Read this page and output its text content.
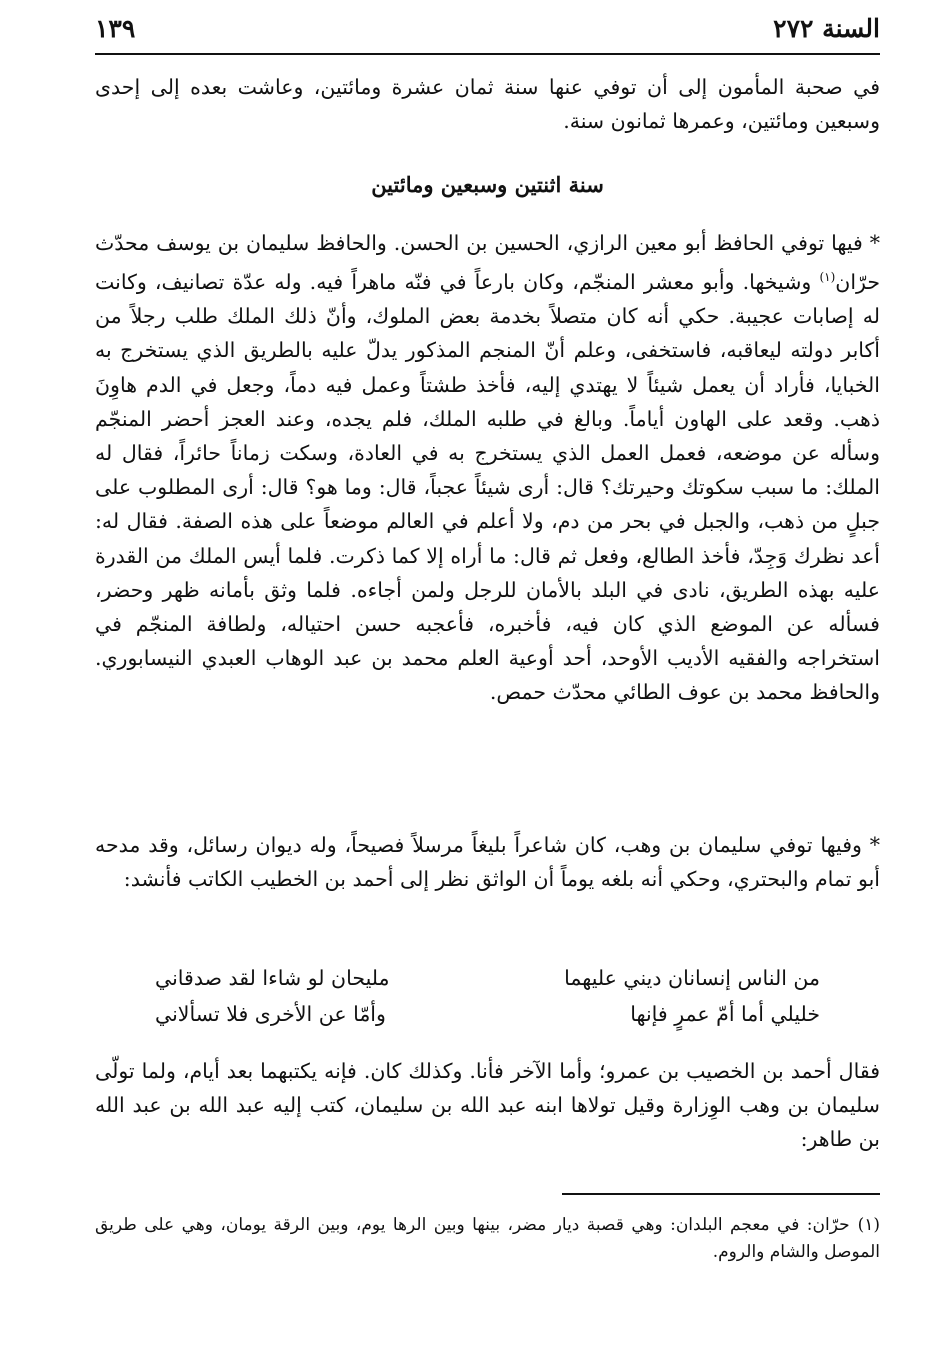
السنة ٢٧٢
١٣٩

في صحبة المأمون إلى أن توفي عنها سنة ثمان عشرة ومائتين، وعاشت بعده إلى إحدى وسبعين ومائتين، وعمرها ثمانون سنة.

سنة اثنتين وسبعين ومائتين

* فيها توفي الحافظ أبو معين الرازي، الحسين بن الحسن. والحافظ سليمان بن يوسف محدّث حرّان$^{(١)}$ وشيخها. وأبو معشر المنجّم، وكان بارعاً في فنّه ماهراً فيه. وله عدّة تصانيف، وكانت له إصابات عجيبة. حكي أنه كان متصلاً بخدمة بعض الملوك، وأنّ ذلك الملك طلب رجلاً من أكابر دولته ليعاقبه، فاستخفى، وعلم أنّ المنجم المذكور يدلّ عليه بالطريق الذي يستخرج به الخبايا، فأراد أن يعمل شيئاً لا يهتدي إليه، فأخذ طشتاً وعمل فيه دماً، وجعل في الدم هاوِنَ ذهب. وقعد على الهاون أياماً. وبالغ في طلبه الملك، فلم يجده، وعند العجز أحضر المنجّم وسأله عن موضعه، فعمل العمل الذي يستخرج به في العادة، وسكت زماناً حائراً، فقال له الملك: ما سبب سكوتك وحيرتك؟ قال: أرى شيئاً عجباً، قال: وما هو؟ قال: أرى المطلوب على جبلٍ من ذهب، والجبل في بحر من دم، ولا أعلم في العالم موضعاً على هذه الصفة. فقال له: أعد نظرك وَجِدّ، فأخذ الطالع، وفعل ثم قال: ما أراه إلا كما ذكرت. فلما أيس الملك من القدرة عليه بهذه الطريق، نادى في البلد بالأمان للرجل ولمن أجاءه. فلما وثق بأمانه ظهر وحضر، فسأله عن الموضع الذي كان فيه، فأخبره، فأعجبه حسن احتياله، ولطافة المنجّم في استخراجه والفقيه الأديب الأوحد، أحد أوعية العلم محمد بن عبد الوهاب العبدي النيسابوري. والحافظ محمد بن عوف الطائي محدّث حمص.

* وفيها توفي سليمان بن وهب، كان شاعراً بليغاً مرسلاً فصيحاً، وله ديوان رسائل، وقد مدحه أبو تمام والبحتري، وحكي أنه بلغه يوماً أن الواثق نظر إلى أحمد بن الخطيب الكاتب فأنشد:

من الناس إنسانان ديني عليهما
مليحان لو شاءا لقد صدقاني
خليلي أما أمّ عمرٍ فإنها
وأمّا عن الأخرى فلا تسألاني

فقال أحمد بن الخصيب بن عمرو؛ وأما الآخر فأنا. وكذلك كان. فإنه يكتبهما بعد أيام، ولما تولّى سليمان بن وهب الوِزارة وقيل تولاها ابنه عبد الله بن سليمان، كتب إليه عبد الله بن عبد الله بن طاهر:

(١)حرّان: في معجم البلدان: وهي قصبة ديار مضر، بينها وبين الرها يوم، وبين الرقة يومان، وهي على طريق الموصل والشام والروم.
